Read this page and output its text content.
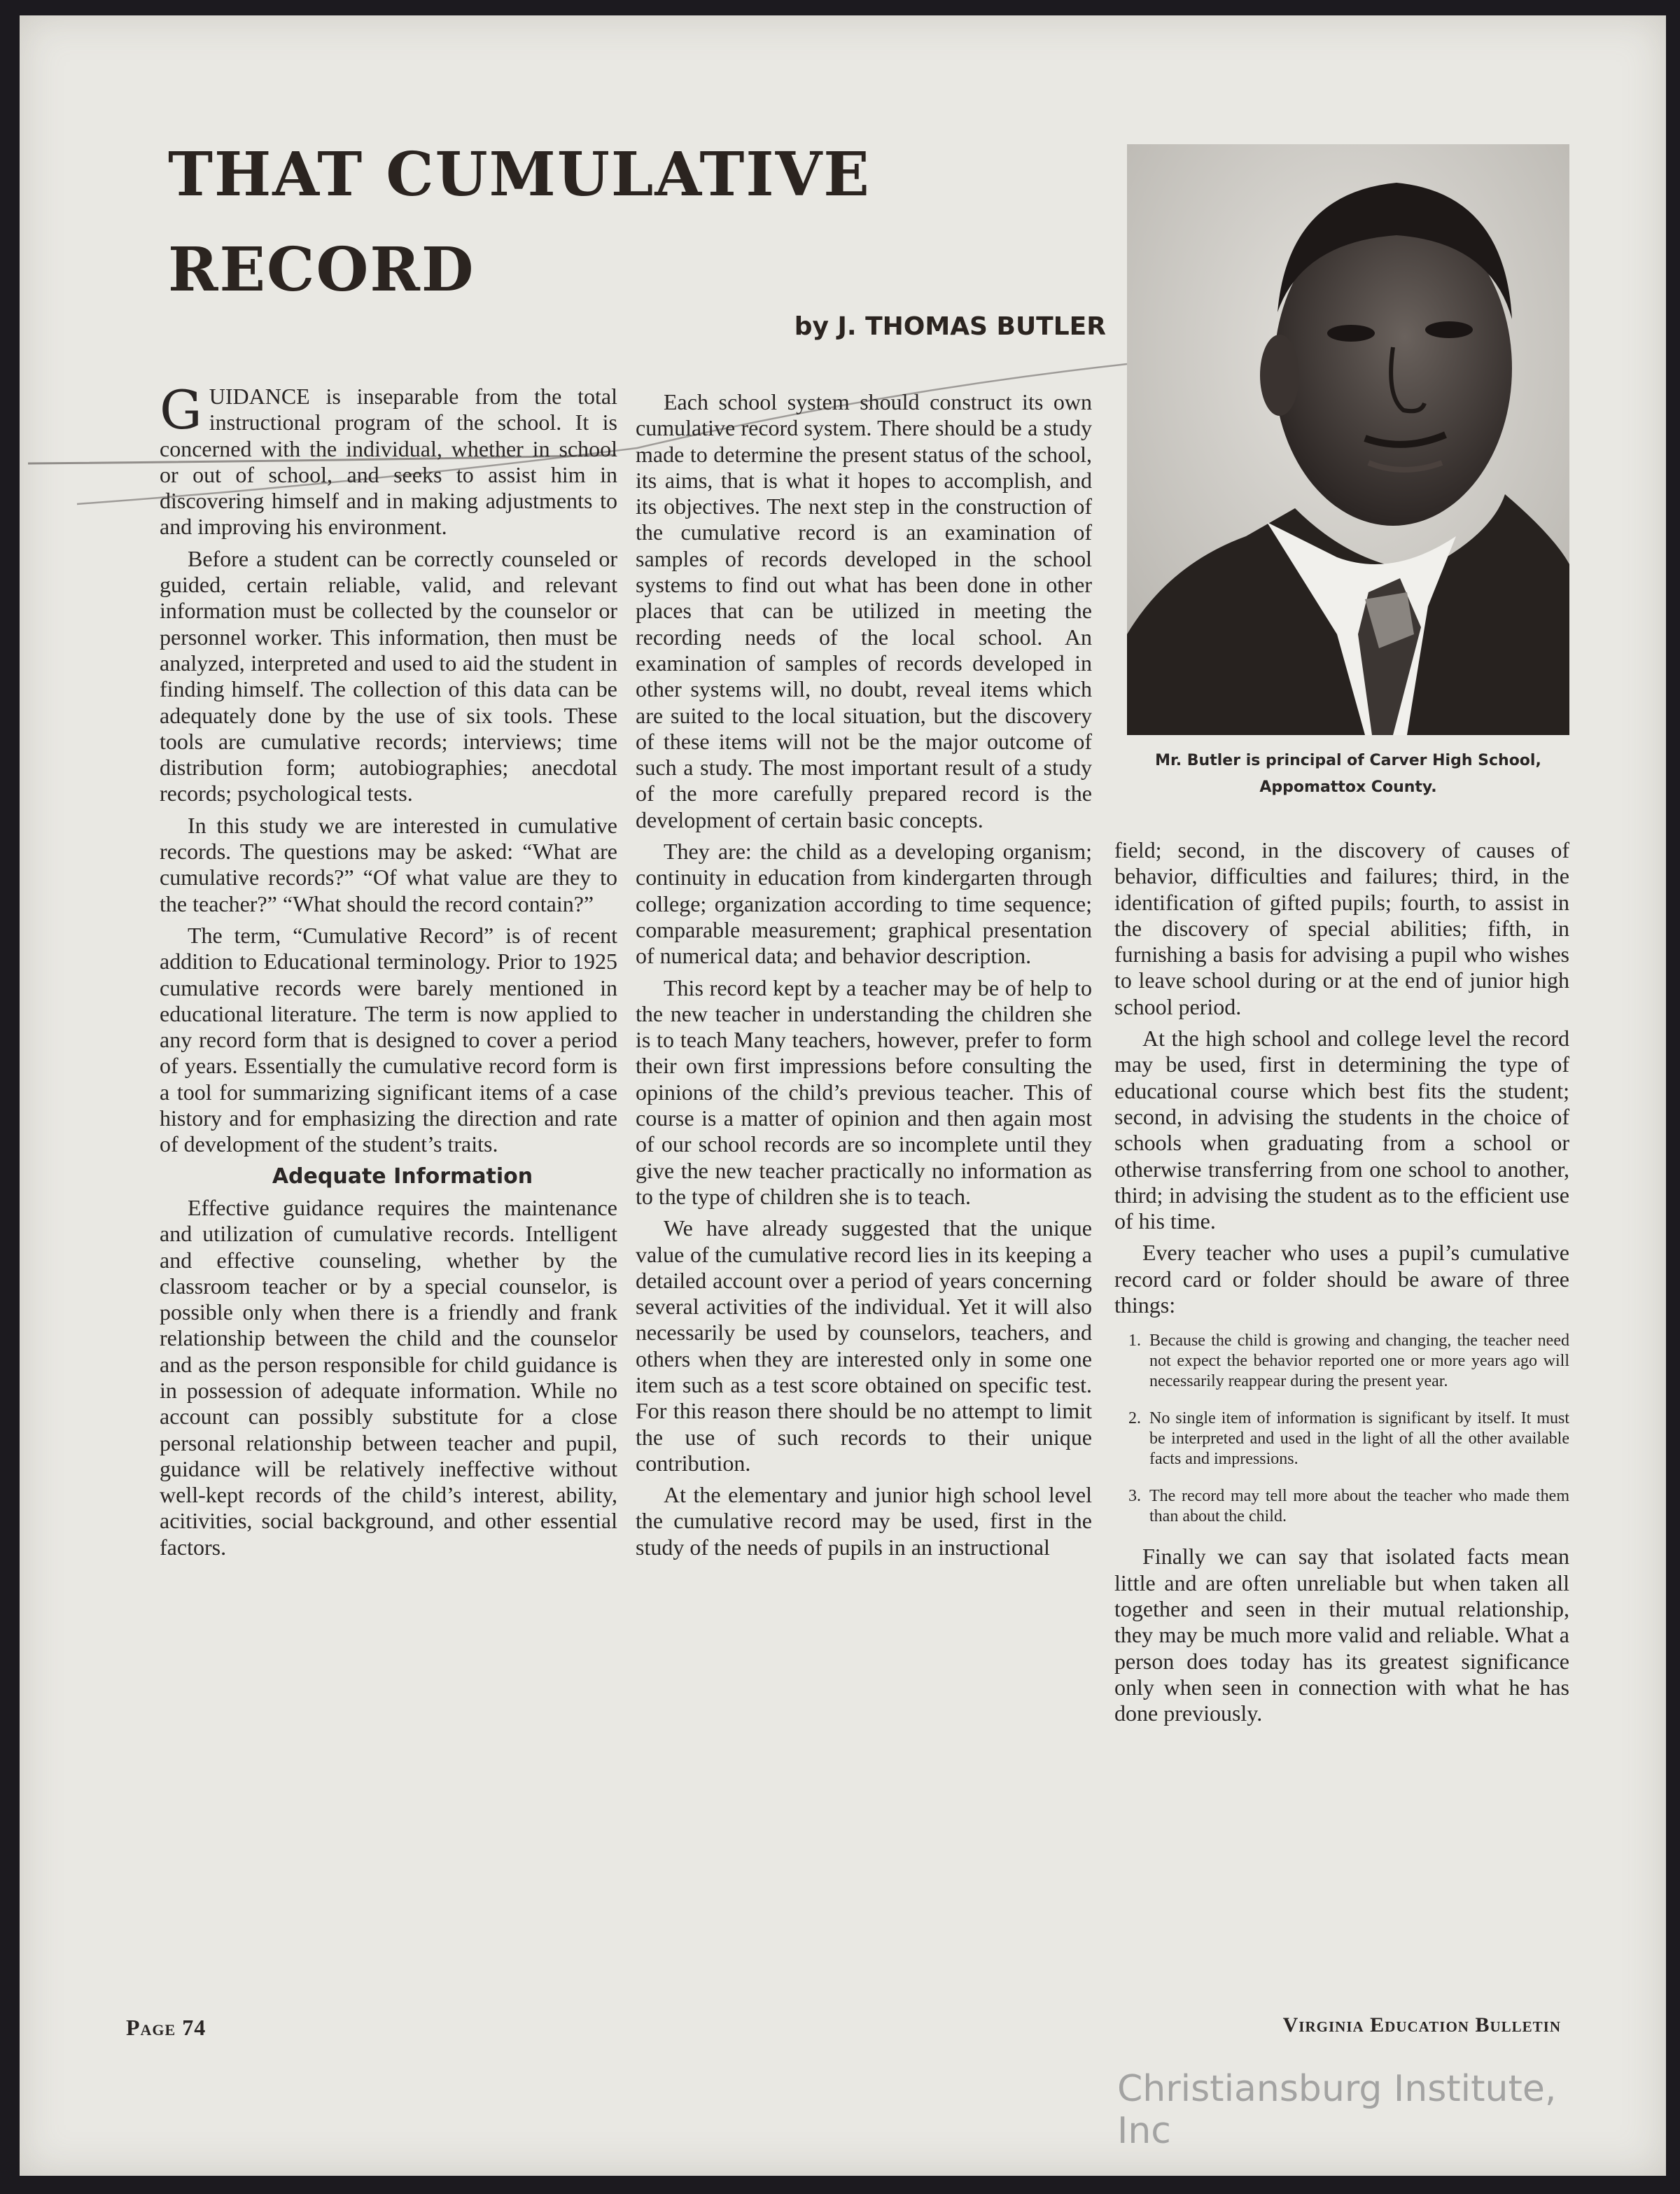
THAT CUMULATIVE
RECORD
by J. THOMAS BUTLER

GUIDANCE is inseparable from the total instructional program of the school. It is concerned with the individual, whether in school or out of school, and seeks to assist him in discovering himself and in making adjustments to and improving his environment.

Before a student can be correctly counseled or guided, certain reliable, valid, and relevant information must be collected by the counselor or personnel worker. This information, then must be analyzed, interpreted and used to aid the student in finding himself. The collection of this data can be adequately done by the use of six tools. These tools are cumulative records; interviews; time distribution form; autobiographies; anecdotal records; psychological tests.

In this study we are interested in cumulative records. The questions may be asked: “What are cumulative records?” “Of what value are they to the teacher?” “What should the record contain?”

The term, “Cumulative Record” is of recent addition to Educational terminology. Prior to 1925 cumulative records were barely mentioned in educational literature. The term is now applied to any record form that is designed to cover a period of years. Essentially the cumulative record form is a tool for summarizing significant items of a case history and for emphasizing the direction and rate of development of the student’s traits.

Adequate Information

Effective guidance requires the maintenance and utilization of cumulative records. Intelligent and effective counseling, whether by the classroom teacher or by a special counselor, is possible only when there is a friendly and frank relationship between the child and the counselor and as the person responsible for child guidance is in possession of adequate information. While no account can possibly substitute for a close personal relationship between teacher and pupil, guidance will be relatively ineffective without well-kept records of the child’s interest, ability, acitivities, social background, and other essential factors.

Each school system should construct its own cumulative record system. There should be a study made to determine the present status of the school, its aims, that is what it hopes to accomplish, and its objectives. The next step in the construction of the cumulative record is an examination of samples of records developed in the school systems to find out what has been done in other places that can be utilized in meeting the recording needs of the local school. An examination of samples of records developed in other systems will, no doubt, reveal items which are suited to the local situation, but the discovery of these items will not be the major outcome of such a study. The most important result of a study of the more carefully prepared record is the development of certain basic concepts.

They are: the child as a developing organism; continuity in education from kindergarten through college; organization according to time sequence; comparable measurement; graphical presentation of numerical data; and behavior description.

This record kept by a teacher may be of help to the new teacher in understanding the children she is to teach Many teachers, however, prefer to form their own first impressions before consulting the opinions of the child’s previous teacher. This of course is a matter of opinion and then again most of our school records are so incomplete until they give the new teacher practically no information as to the type of children she is to teach.

We have already suggested that the unique value of the cumulative record lies in its keeping a detailed account over a period of years concerning several activities of the individual. Yet it will also necessarily be used by counselors, teachers, and others when they are interested only in some one item such as a test score obtained on specific test. For this reason there should be no attempt to limit the use of such records to their unique contribution.

At the elementary and junior high school level the cumulative record may be used, first in the study of the needs of pupils in an instructional

Mr. Butler is principal of Carver High School,
Appomattox County.

field; second, in the discovery of causes of behavior, difficulties and failures; third, in the identification of gifted pupils; fourth, to assist in the discovery of special abilities; fifth, in furnishing a basis for advising a pupil who wishes to leave school during or at the end of junior high school period.

At the high school and college level the record may be used, first in determining the type of educational course which best fits the student; second, in advising the students in the choice of schools when graduating from a school or otherwise transferring from one school to another, third; in advising the student as to the efficient use of his time.

Every teacher who uses a pupil’s cumulative record card or folder should be aware of three things:

1. Because the child is growing and changing, the teacher need not expect the behavior reported one or more years ago will necessarily reappear during the present year.
2. No single item of information is significant by itself. It must be interpreted and used in the light of all the other available facts and impressions.
3. The record may tell more about the teacher who made them than about the child.

Finally we can say that isolated facts mean little and are often unreliable but when taken all together and seen in their mutual relationship, they may be much more valid and reliable. What a person does today has its greatest significance only when seen in connection with what he has done previously.

Page 74	Virginia Education Bulletin
Christiansburg Institute, Inc
